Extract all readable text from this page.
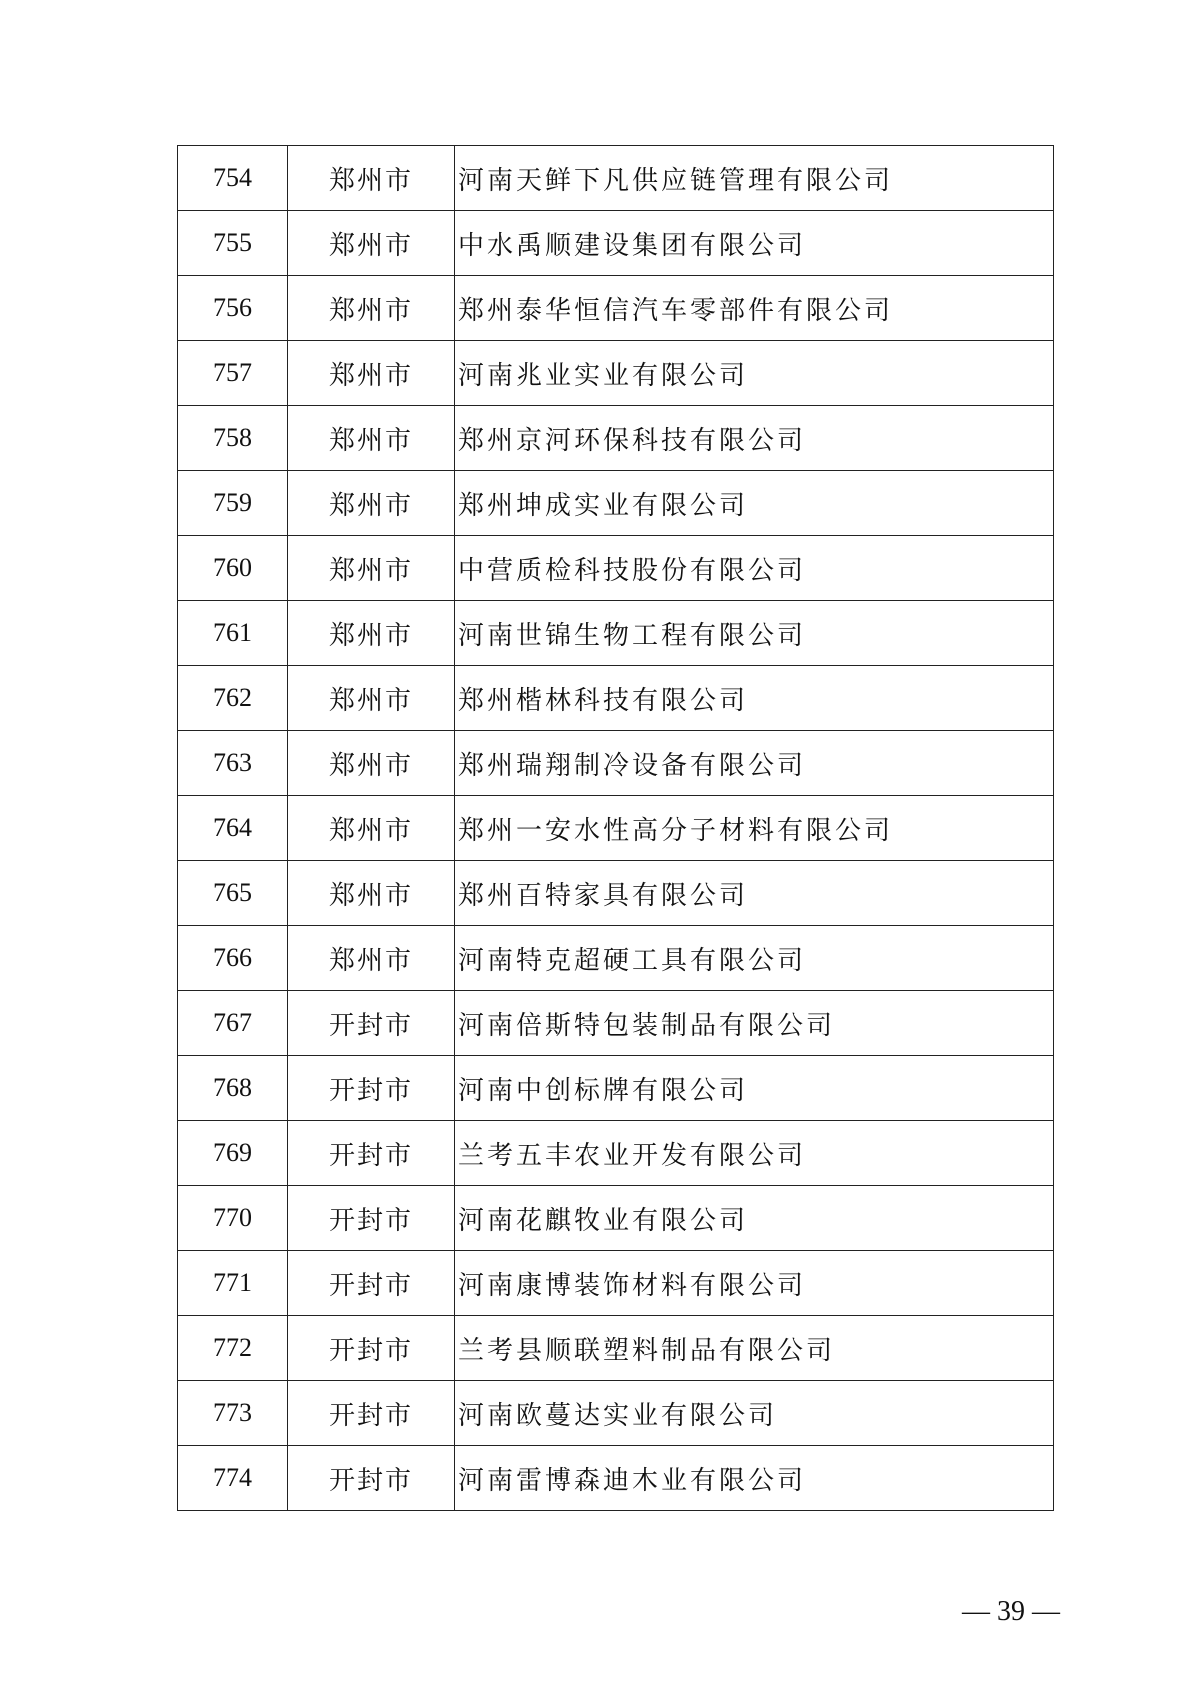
754	郑州市	河南天鲜下凡供应链管理有限公司
755	郑州市	中水禹顺建设集团有限公司
756	郑州市	郑州泰华恒信汽车零部件有限公司
757	郑州市	河南兆业实业有限公司
758	郑州市	郑州京河环保科技有限公司
759	郑州市	郑州坤成实业有限公司
760	郑州市	中营质检科技股份有限公司
761	郑州市	河南世锦生物工程有限公司
762	郑州市	郑州楷林科技有限公司
763	郑州市	郑州瑞翔制冷设备有限公司
764	郑州市	郑州一安水性高分子材料有限公司
765	郑州市	郑州百特家具有限公司
766	郑州市	河南特克超硬工具有限公司
767	开封市	河南倍斯特包装制品有限公司
768	开封市	河南中创标牌有限公司
769	开封市	兰考五丰农业开发有限公司
770	开封市	河南花麒牧业有限公司
771	开封市	河南康博装饰材料有限公司
772	开封市	兰考县顺联塑料制品有限公司
773	开封市	河南欧蔓达实业有限公司
774	开封市	河南雷博森迪木业有限公司
— 39 —
